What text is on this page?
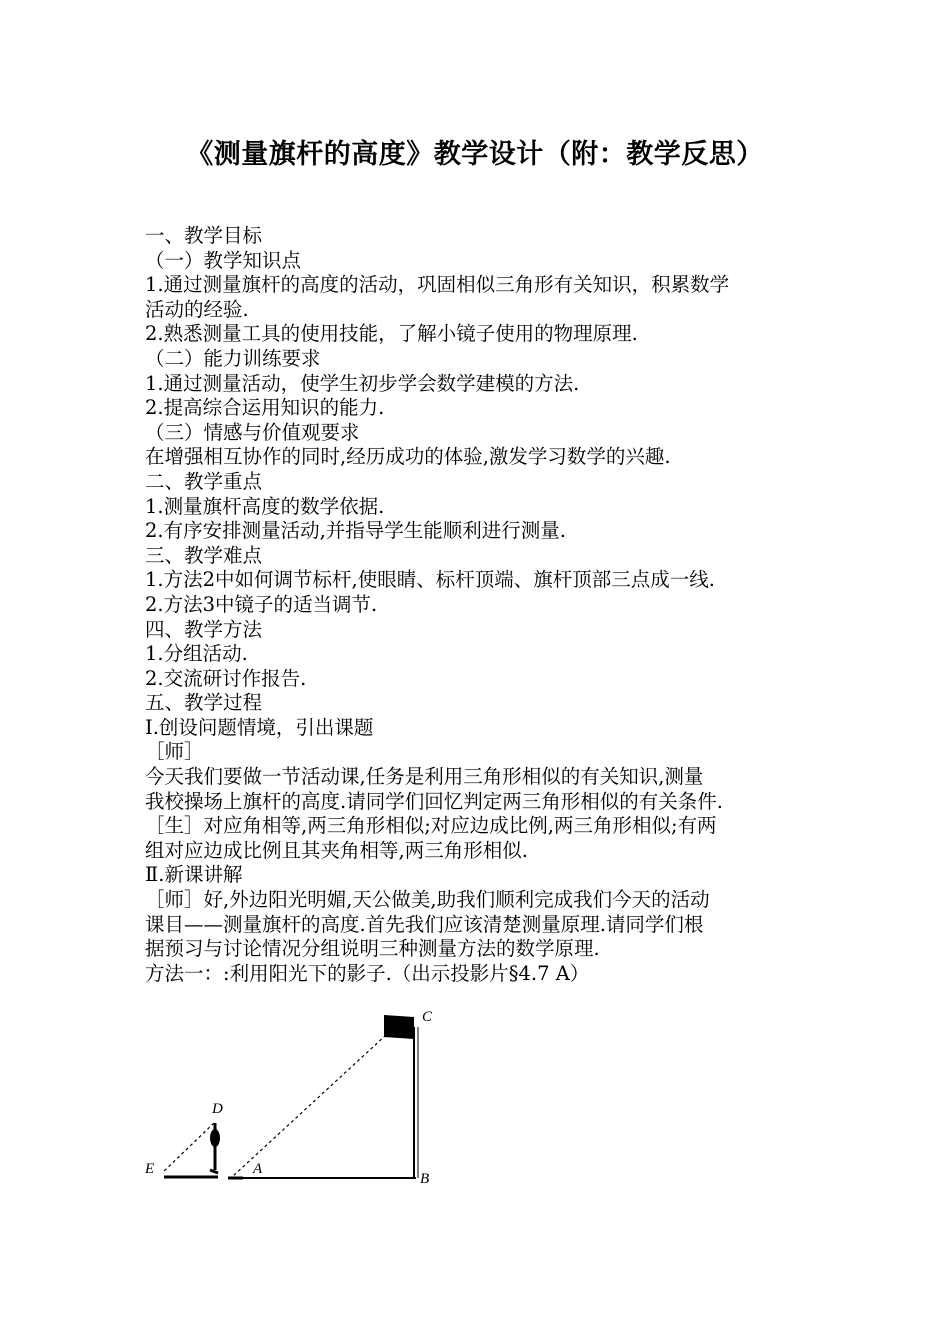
《测量旗杆的高度》教学设计（附：教学反思）
一、教学目标
（一）教学知识点
1.通过测量旗杆的高度的活动，巩固相似三角形有关知识，积累数学
活动的经验.
2.熟悉测量工具的使用技能，了解小镜子使用的物理原理.
（二）能力训练要求
1.通过测量活动，使学生初步学会数学建模的方法.
2.提高综合运用知识的能力.
（三）情感与价值观要求
在增强相互协作的同时,经历成功的体验,激发学习数学的兴趣.
二、教学重点
1.测量旗杆高度的数学依据.
2.有序安排测量活动,并指导学生能顺利进行测量.
三、教学难点
1.方法2中如何调节标杆,使眼睛、标杆顶端、旗杆顶部三点成一线.
2.方法3中镜子的适当调节.
四、教学方法
1.分组活动.
2.交流研讨作报告.
五、教学过程
Ⅰ.创设问题情境，引出课题
［师］
今天我们要做一节活动课,任务是利用三角形相似的有关知识,测量
我校操场上旗杆的高度.请同学们回忆判定两三角形相似的有关条件.
［生］对应角相等,两三角形相似;对应边成比例,两三角形相似;有两
组对应边成比例且其夹角相等,两三角形相似.
Ⅱ.新课讲解
［师］好,外边阳光明媚,天公做美,助我们顺利完成我们今天的活动
课目——测量旗杆的高度.首先我们应该清楚测量原理.请同学们根
据预习与讨论情况分组说明三种测量方法的数学原理.
方法一：:利用阳光下的影子.（出示投影片§4.7 A）
C
D
E	A
B
